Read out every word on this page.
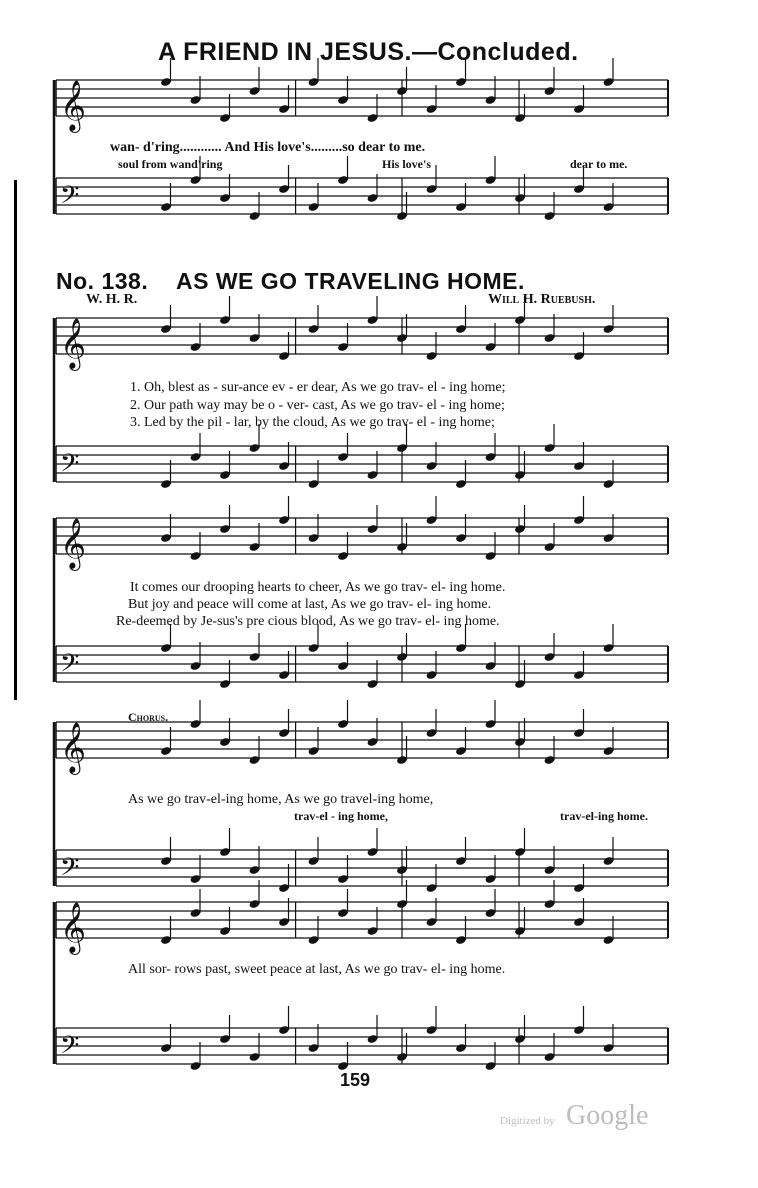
A FRIEND IN JESUS.—Concluded.
𝄞
𝄢
𝄞
𝄢
𝄞
𝄢
𝄞
𝄢
𝄞
𝄢
wan- d'ring............ And His love's.........so dear to me.
soul from wand'ring	His love's	dear to me.
No. 138. AS WE GO TRAVELING HOME.
W. H. R.	Will H. Ruebush.
1. Oh, blest as - sur-ance ev - er dear, As we go trav- el - ing home;
2. Our path way may be o - ver- cast, As we go trav- el - ing home;
3. Led by the pil - lar, by the cloud, As we go trav- el - ing home;
It comes our drooping hearts to cheer, As we go trav- el- ing home.
But joy and peace will come at last, As we go trav- el- ing home.
Re-deemed by Je-sus's pre cious blood, As we go trav- el- ing home.
Chorus.
As we go trav-el-ing home, As we go travel-ing home,
trav-el - ing home,	trav-el-ing home.
All sor- rows past, sweet peace at last, As we go trav- el- ing home.
159
Digitized by Google
